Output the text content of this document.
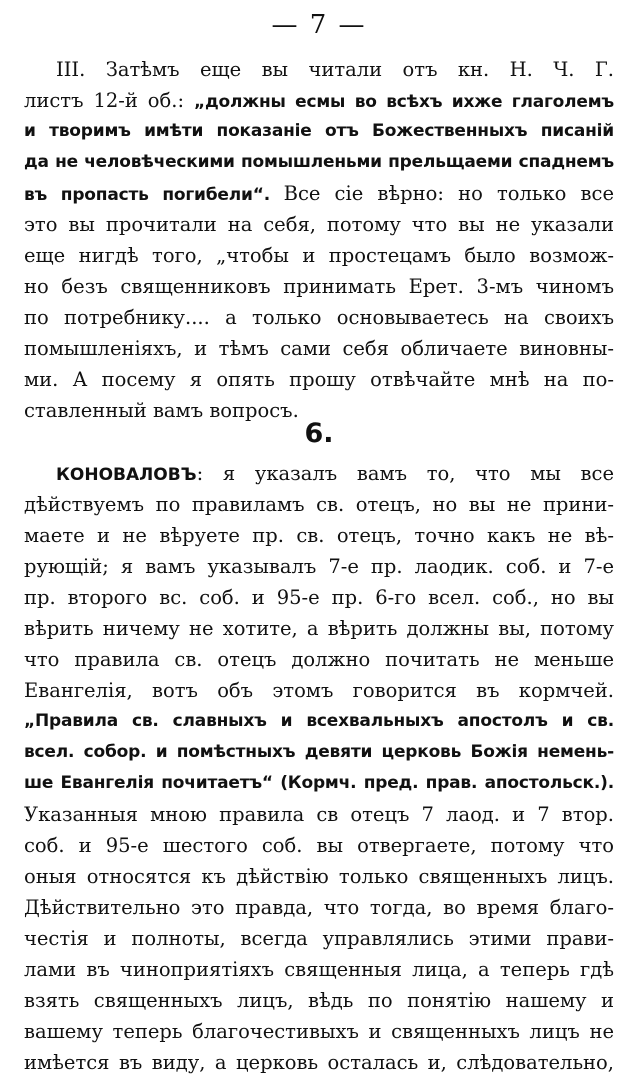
— 7 —
III. Затѣмъ еще вы читали отъ кн. Н. Ч. Г.
листъ 12-й об.: „должны есмы во всѣхъ ихже глаголемъ
и творимъ имѣти показаніе отъ Божественныхъ писаній
да не человѣческими помышленьми прельщаеми спаднемъ
въ пропасть погибели“. Все сіе вѣрно: но только все
это вы прочитали на себя, потому что вы не указали
еще нигдѣ того, „чтобы и простецамъ было возмож-
но безъ священниковъ принимать Ерет. 3-мъ чиномъ
по потребнику.... а только основываетесь на своихъ
помышленіяхъ, и тѣмъ сами себя обличаете виновны-
ми. А посему я опять прошу отвѣчайте мнѣ на по-
ставленный вамъ вопросъ.
6.
КОНОВАЛОВЪ: я указалъ вамъ то, что мы все
дѣйствуемъ по правиламъ св. отецъ, но вы не прини-
маете и не вѣруете пр. св. отецъ, точно какъ не вѣ-
рующій; я вамъ указывалъ 7-е пр. лаодик. соб. и 7-е
пр. второго вс. соб. и 95-е пр. 6-го всел. соб., но вы
вѣрить ничему не хотите, а вѣрить должны вы, потому
что правила св. отецъ должно почитать не меньше
Евангелія, вотъ объ этомъ говорится въ кормчей.
„Правила св. славныхъ и всехвальныхъ апостолъ и св.
всел. собор. и помѣстныхъ девяти церковь Божія немень-
ше Евангелія почитаетъ“ (Кормч. пред. прав. апостольск.).
Указанныя мною правила св отецъ 7 лаод. и 7 втор.
соб. и 95-е шестого соб. вы отвергаете, потому что
оныя относятся къ дѣйствію только священныхъ лицъ.
Дѣйствительно это правда, что тогда, во время благо-
честія и полноты, всегда управлялись этими прави-
лами въ чиноприятіяхъ священныя лица, а теперь гдѣ
взять священныхъ лицъ, вѣдь по понятію нашему и
вашему теперь благочестивыхъ и священныхъ лицъ не
имѣется въ виду, а церковь осталась и, слѣдовательно,
